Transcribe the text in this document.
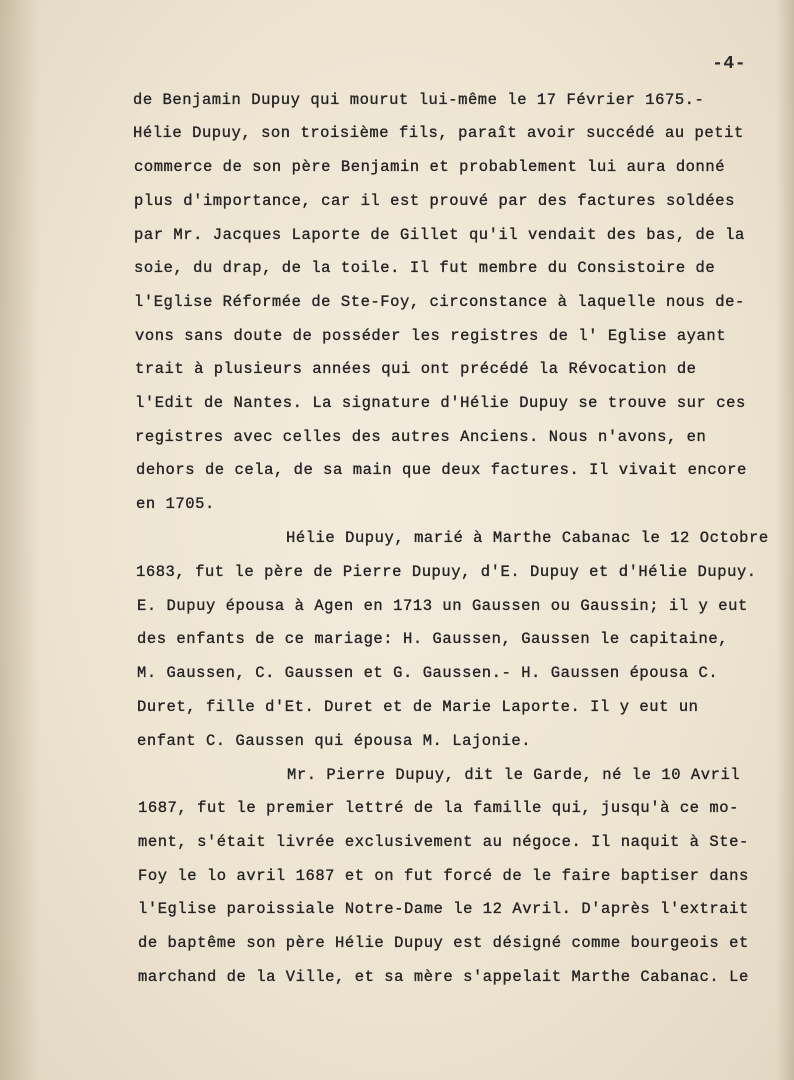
-4-
de Benjamin Dupuy qui mourut lui-même le 17 Février 1675.-
Hélie Dupuy, son troisième fils, paraît avoir succédé au petit
commerce de son père Benjamin et probablement lui aura donné
plus d'importance, car il est prouvé par des factures soldées
par Mr. Jacques Laporte de Gillet qu'il vendait des bas, de la
soie, du drap, de la toile. Il fut membre du Consistoire de
l'Eglise Réformée de Ste-Foy, circonstance à laquelle nous de-
vons sans doute de posséder les registres de l' Eglise ayant
trait à plusieurs années qui ont précédé la Révocation de
l'Edit de Nantes. La signature d'Hélie Dupuy se trouve sur ces
registres avec celles des autres Anciens. Nous n'avons, en
dehors de cela, de sa main que deux factures. Il vivait encore
en 1705.
Hélie Dupuy, marié à Marthe Cabanac le 12 Octobre
1683, fut le père de Pierre Dupuy, d'E. Dupuy et d'Hélie Dupuy.
E. Dupuy épousa à Agen en 1713 un Gaussen ou Gaussin; il y eut
des enfants de ce mariage: H. Gaussen, Gaussen le capitaine,
M. Gaussen, C. Gaussen et G. Gaussen.- H. Gaussen épousa C.
Duret, fille d'Et. Duret et de Marie Laporte. Il y eut un
enfant C. Gaussen qui épousa M. Lajonie.
Mr. Pierre Dupuy, dit le Garde, né le 10 Avril
1687, fut le premier lettré de la famille qui, jusqu'à ce mo-
ment, s'était livrée exclusivement au négoce. Il naquit à Ste-
Foy le lo avril 1687 et on fut forcé de le faire baptiser dans
l'Eglise paroissiale Notre-Dame le 12 Avril. D'après l'extrait
de baptême son père Hélie Dupuy est désigné comme bourgeois et
marchand de la Ville, et sa mère s'appelait Marthe Cabanac. Le
